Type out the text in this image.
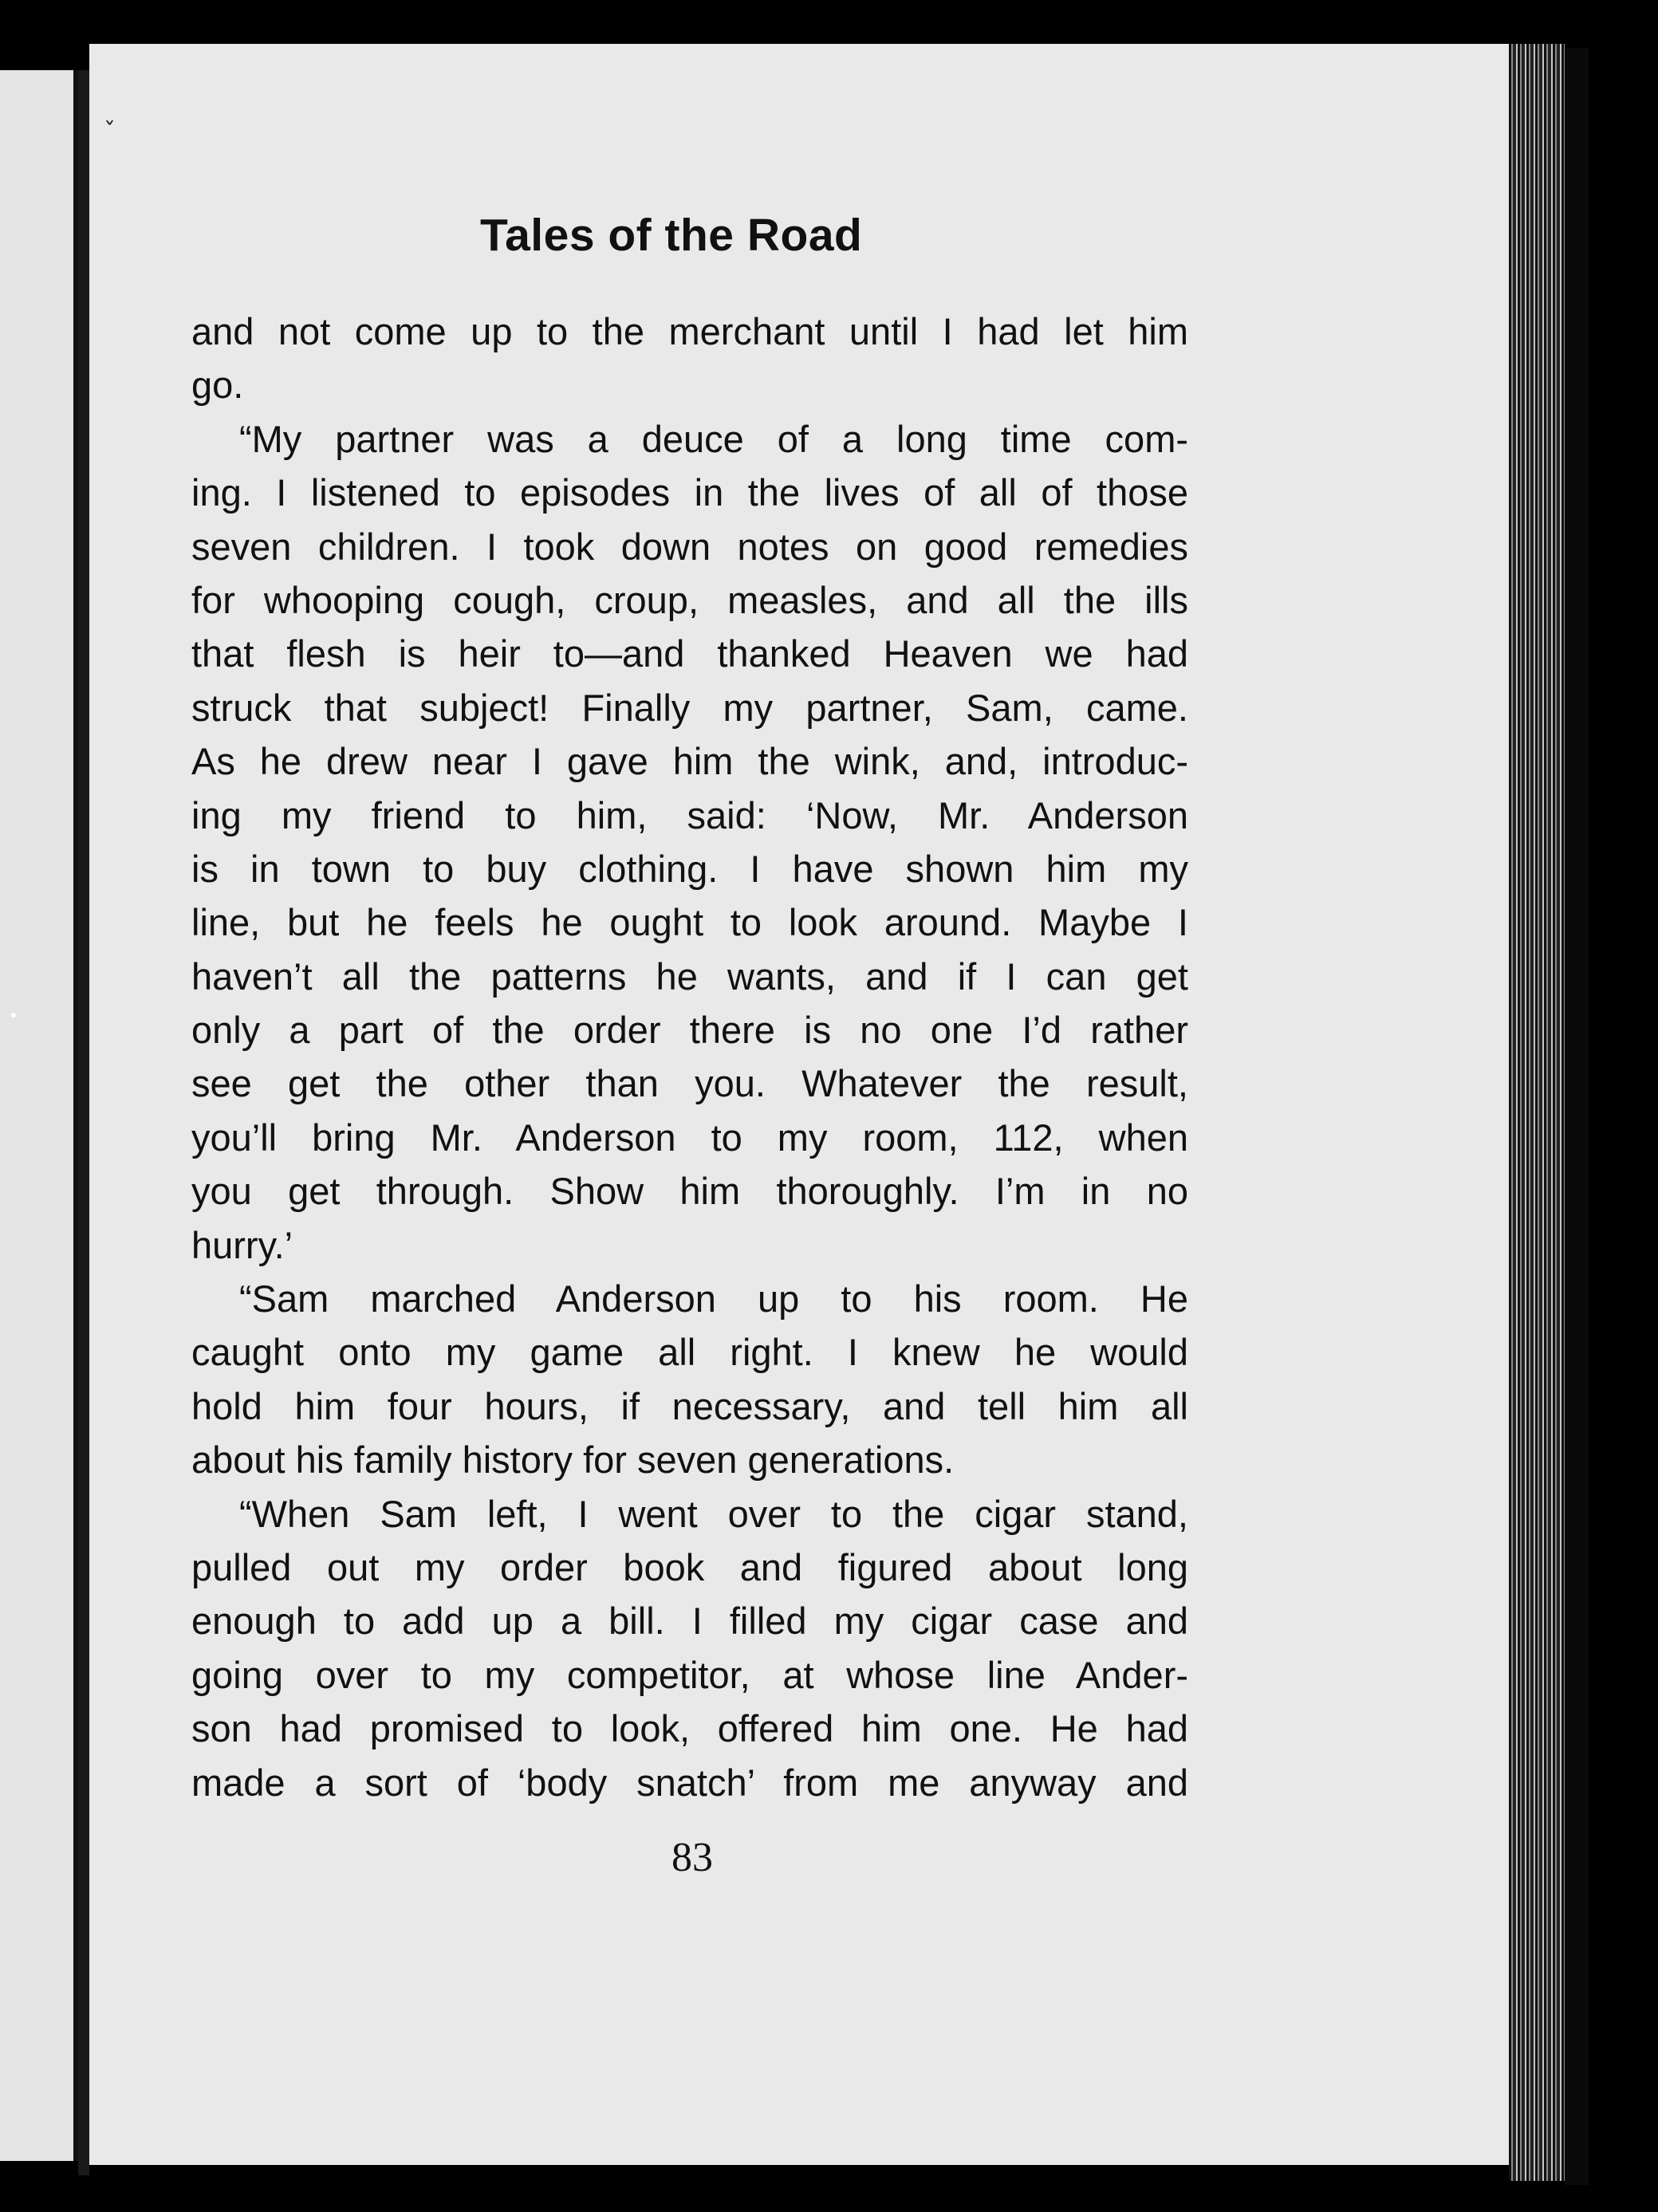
ˇ
Tales of the Road
and not come up to the merchant until I had let him
go.
“My partner was a deuce of a long time com-
ing. I listened to episodes in the lives of all of those
seven children. I took down notes on good remedies
for whooping cough, croup, measles, and all the ills
that flesh is heir to—and thanked Heaven we had
struck that subject! Finally my partner, Sam, came.
As he drew near I gave him the wink, and, introduc-
ing my friend to him, said: ‘Now, Mr. Anderson
is in town to buy clothing. I have shown him my
line, but he feels he ought to look around. Maybe I
haven’t all the patterns he wants, and if I can get
only a part of the order there is no one I’d rather
see get the other than you. Whatever the result,
you’ll bring Mr. Anderson to my room, 112, when
you get through. Show him thoroughly. I’m in no
hurry.’
“Sam marched Anderson up to his room. He
caught onto my game all right. I knew he would
hold him four hours, if necessary, and tell him all
about his family history for seven generations.
“When Sam left, I went over to the cigar stand,
pulled out my order book and figured about long
enough to add up a bill. I filled my cigar case and
going over to my competitor, at whose line Ander-
son had promised to look, offered him one. He had
made a sort of ‘body snatch’ from me anyway and
83
